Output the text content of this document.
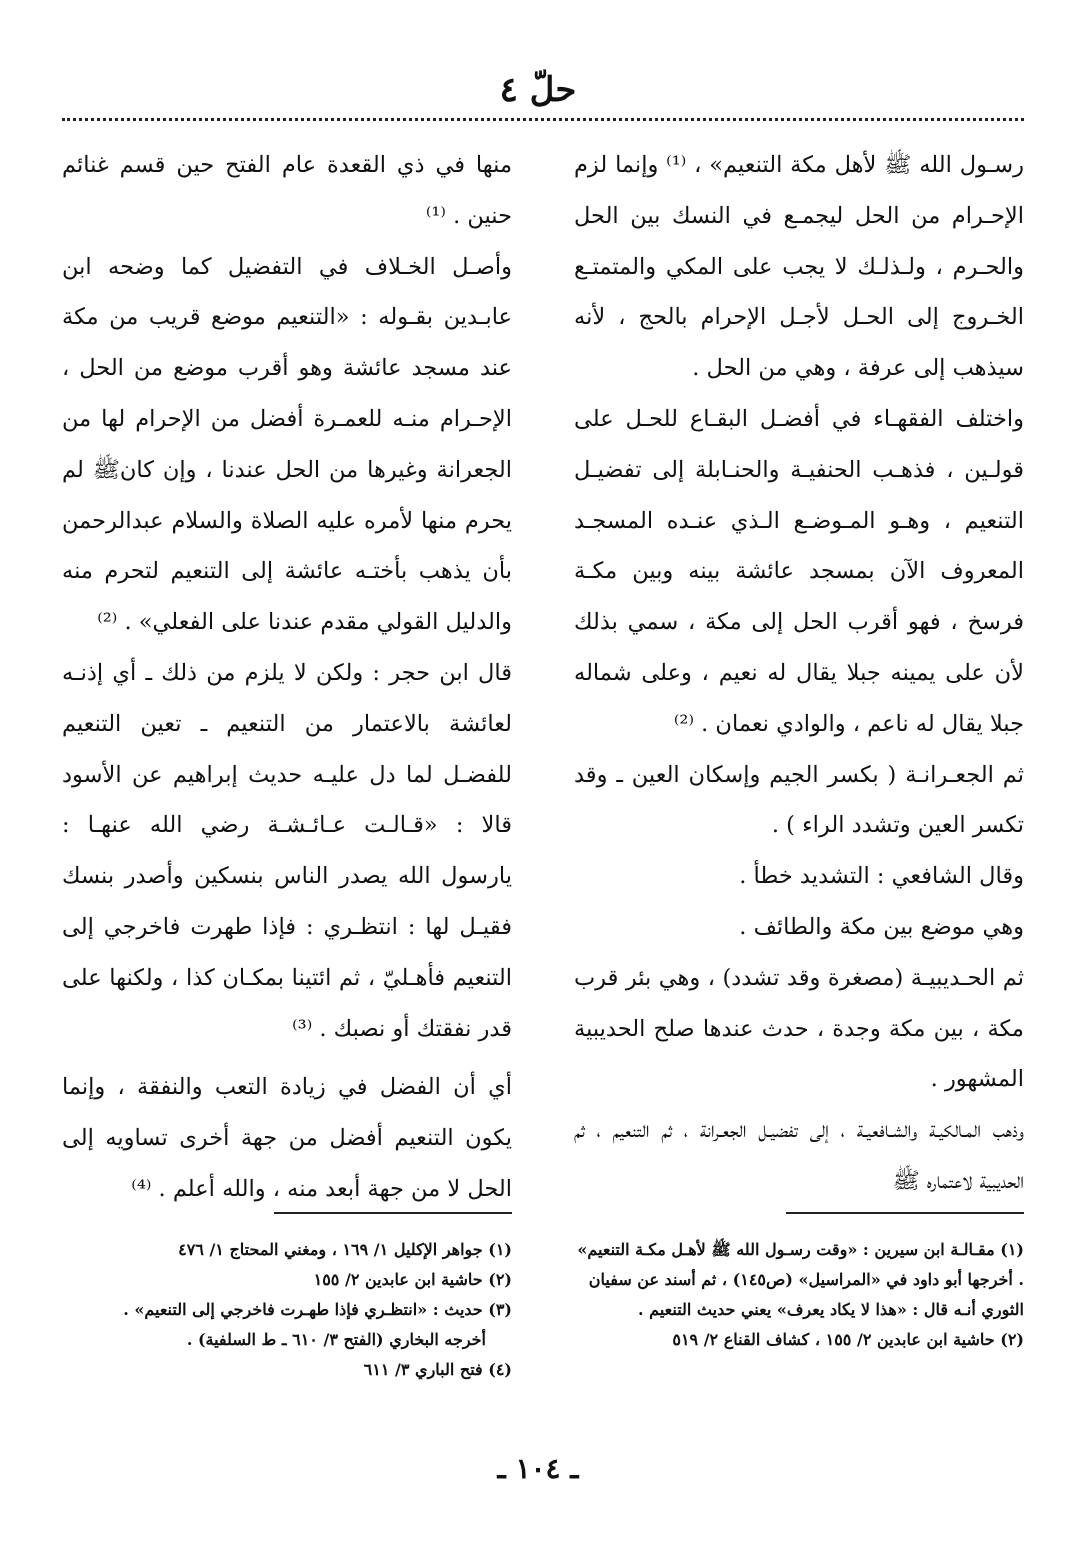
حلّ ٤

رسـول الله ﷺ لأهل مكة التنعيم» ، ⁽¹⁾ وإنما لزم الإحـرام من الحل ليجمـع في النسك بين الحل والحـرم ، ولـذلـك لا يجب على المكي والمتمتـع الخـروج إلى الحـل لأجـل الإحرام بالحج ، لأنه سيذهب إلى عرفة ، وهي من الحل .

واختلف الفقهـاء في أفضـل البقـاع للحـل على قولـين ، فذهـب الحنفيـة والحنـابلة إلى تفضيـل التنعيم ، وهـو المـوضـع الـذي عنـده المسجـد المعروف الآن بمسجد عائشة بينه وبين مكـة فرسخ ، فهو أقرب الحل إلى مكة ، سمي بذلك لأن على يمينه جبلا يقال له نعيم ، وعلى شماله جبلا يقال له ناعم ، والوادي نعمان . ⁽²⁾

ثم الجعـرانـة ( بكسر الجيم وإسكان العين ـ وقد تكسر العين وتشدد الراء ) .

وقال الشافعي : التشديد خطأ .

وهي موضع بين مكة والطائف .

ثم الحـديبيـة (مصغرة وقد تشدد) ، وهي بئر قرب مكة ، بين مكة وجدة ، حدث عندها صلح الحديبية المشهور .

وذهب المـالكيـة والشـافعيـة ، إلى تفضيـل الجعـرانة ، ثم التنعيم ، ثم الحديبية لاعتماره ﷺ

منها في ذي القعدة عام الفتح حين قسم غنائم حنين . ⁽¹⁾

وأصـل الخـلاف في التفضيل كما وضحه ابن عابـدين بقـوله : «التنعيم موضع قريب من مكة عند مسجد عائشة وهو أقرب موضع من الحل ، الإحـرام منـه للعمـرة أفضل من الإحرام لها من الجعرانة وغيرها من الحل عندنا ، وإن كانﷺ لم يحرم منها لأمره عليه الصلاة والسلام عبدالرحمن بأن يذهب بأختـه عائشة إلى التنعيم لتحرم منه والدليل القولي مقدم عندنا على الفعلي» . ⁽²⁾

قال ابن حجر : ولكن لا يلزم من ذلك ـ أي إذنـه لعائشة بالاعتمار من التنعيم ـ تعين التنعيم للفضـل لما دل عليـه حديث إبراهيم عن الأسود قالا : «قـالـت عـائـشـة رضي الله عنهـا : يارسول الله يصدر الناس بنسكين وأصدر بنسك فقيـل لها : انتظـري : فإذا طهرت فاخرجي إلى التنعيم فأهـليّ ، ثم ائتينا بمكـان كذا ، ولكنها على قدر نفقتك أو نصبك . ⁽³⁾

أي أن الفضل في زيادة التعب والنفقة ، وإنما يكون التنعيم أفضل من جهة أخرى تساويه إلى الحل لا من جهة أبعد منه ، والله أعلم . ⁽⁴⁾

(١) مقـالـة ابن سيرين : «وقت رسـول الله ﷺ لأهـل مكـة التنعيم» . أخرجها أبو داود في «المراسيل» (ص١٤٥) ، ثم أسند عن سفيان الثوري أنـه قال : «هذا لا يكاد يعرف» يعني حديث التنعيم .

(٢) حاشية ابن عابدين ٢/ ١٥٥ ، كشاف القناع ٢/ ٥١٩

(١) جواهر الإكليل ١/ ١٦٩ ، ومغني المحتاج ١/ ٤٧٦

(٢) حاشية ابن عابدين ٢/ ١٥٥

(٣) حديث : «انتظـري فإذا طهـرت فاخرجي إلى التنعيم» .

أخرجه البخاري (الفتح ٣/ ٦١٠ ـ ط السلفية) .

(٤) فتح الباري ٣/ ٦١١

ـ ١٠٤ ـ
